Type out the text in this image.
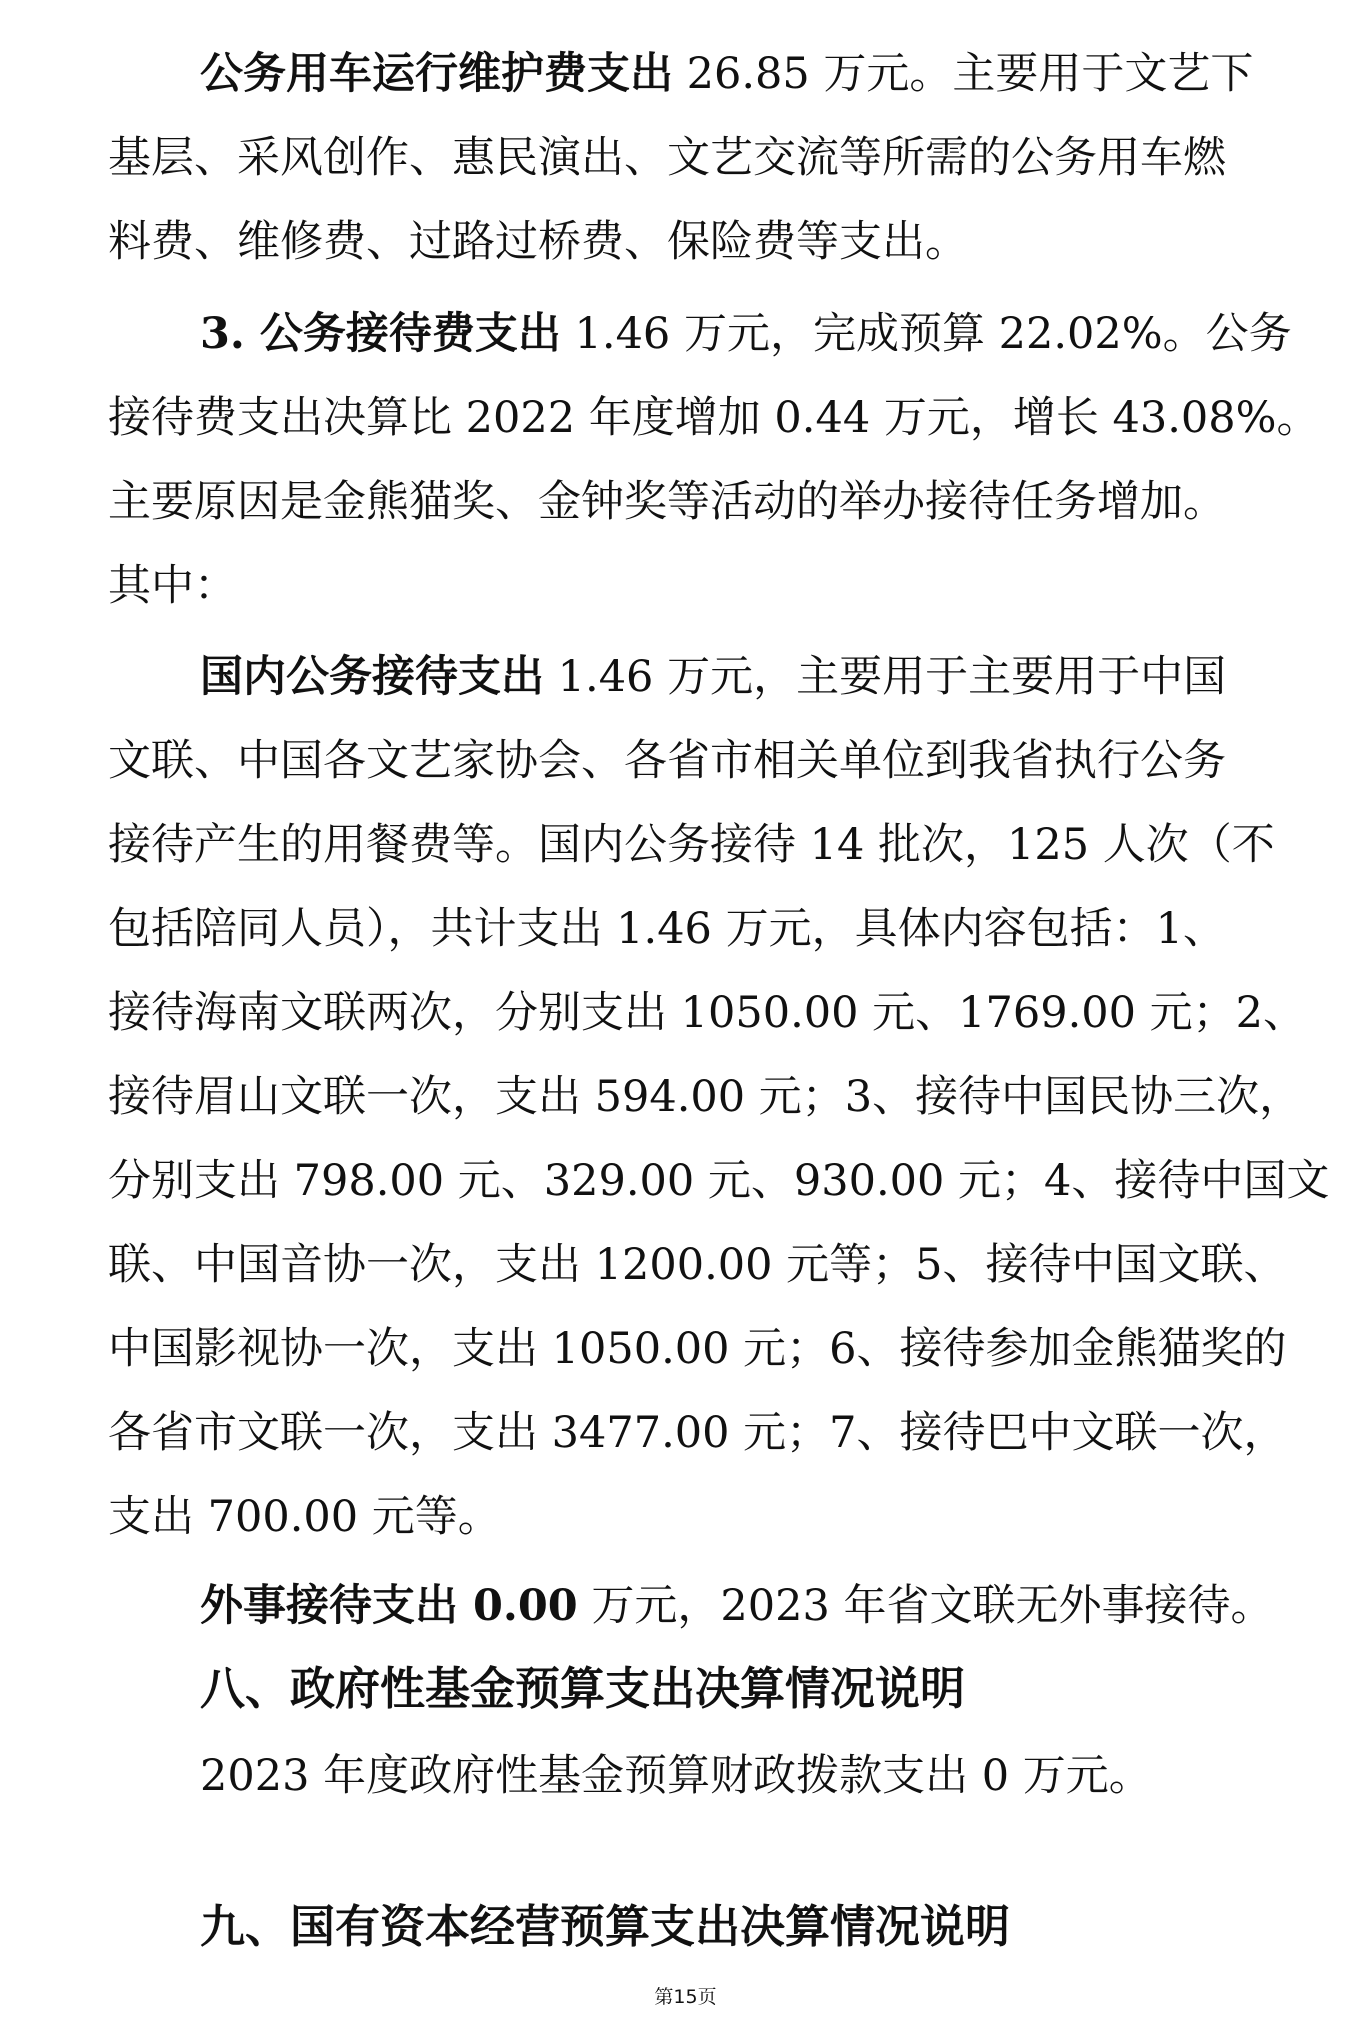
公务用车运行维护费支出 26.85 万元。主要用于文艺下
基层、采风创作、惠民演出、文艺交流等所需的公务用车燃
料费、维修费、过路过桥费、保险费等支出。
3. 公务接待费支出 1.46 万元，完成预算 22.02%。公务
接待费支出决算比 2022 年度增加 0.44 万元，增长 43.08%。
主要原因是金熊猫奖、金钟奖等活动的举办接待任务增加。
其中：
国内公务接待支出 1.46 万元，主要用于主要用于中国
文联、中国各文艺家协会、各省市相关单位到我省执行公务
接待产生的用餐费等。国内公务接待 14 批次，125 人次（不
包括陪同人员），共计支出 1.46 万元，具体内容包括：1、
接待海南文联两次，分别支出 1050.00 元、1769.00 元；2、
接待眉山文联一次，支出 594.00 元；3、接待中国民协三次，
分别支出 798.00 元、329.00 元、930.00 元；4、接待中国文
联、中国音协一次，支出 1200.00 元等；5、接待中国文联、
中国影视协一次，支出 1050.00 元；6、接待参加金熊猫奖的
各省市文联一次，支出 3477.00 元；7、接待巴中文联一次，
支出 700.00 元等。
外事接待支出 0.00 万元，2023 年省文联无外事接待。
八、政府性基金预算支出决算情况说明
2023 年度政府性基金预算财政拨款支出 0 万元。
九、国有资本经营预算支出决算情况说明
第15页
